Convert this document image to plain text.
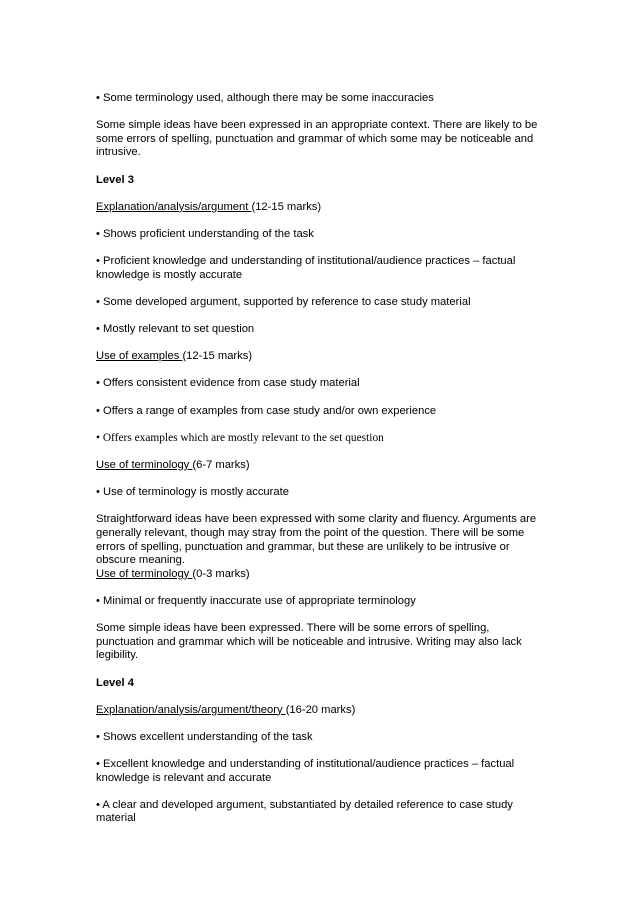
• Some terminology used, although there may be some inaccuracies

Some simple ideas have been expressed in an appropriate context. There are likely to be some errors of spelling, punctuation and grammar of which some may be noticeable and intrusive.

Level 3

Explanation/analysis/argument (12-15 marks)

• Shows proficient understanding of the task

• Proficient knowledge and understanding of institutional/audience practices – factual knowledge is mostly accurate

• Some developed argument, supported by reference to case study material

• Mostly relevant to set question

Use of examples (12-15 marks)

• Offers consistent evidence from case study material

• Offers a range of examples from case study and/or own experience

• Offers examples which are mostly relevant to the set question

Use of terminology (6-7 marks)

• Use of terminology is mostly accurate

Straightforward ideas have been expressed with some clarity and fluency. Arguments are generally relevant, though may stray from the point of the question. There will be some errors of spelling, punctuation and grammar, but these are unlikely to be intrusive or obscure meaning.

Use of terminology (0-3 marks)

• Minimal or frequently inaccurate use of appropriate terminology

Some simple ideas have been expressed. There will be some errors of spelling, punctuation and grammar which will be noticeable and intrusive. Writing may also lack legibility.

Level 4

Explanation/analysis/argument/theory (16-20 marks)

• Shows excellent understanding of the task

• Excellent knowledge and understanding of institutional/audience practices – factual knowledge is relevant and accurate

• A clear and developed argument, substantiated by detailed reference to case study material
